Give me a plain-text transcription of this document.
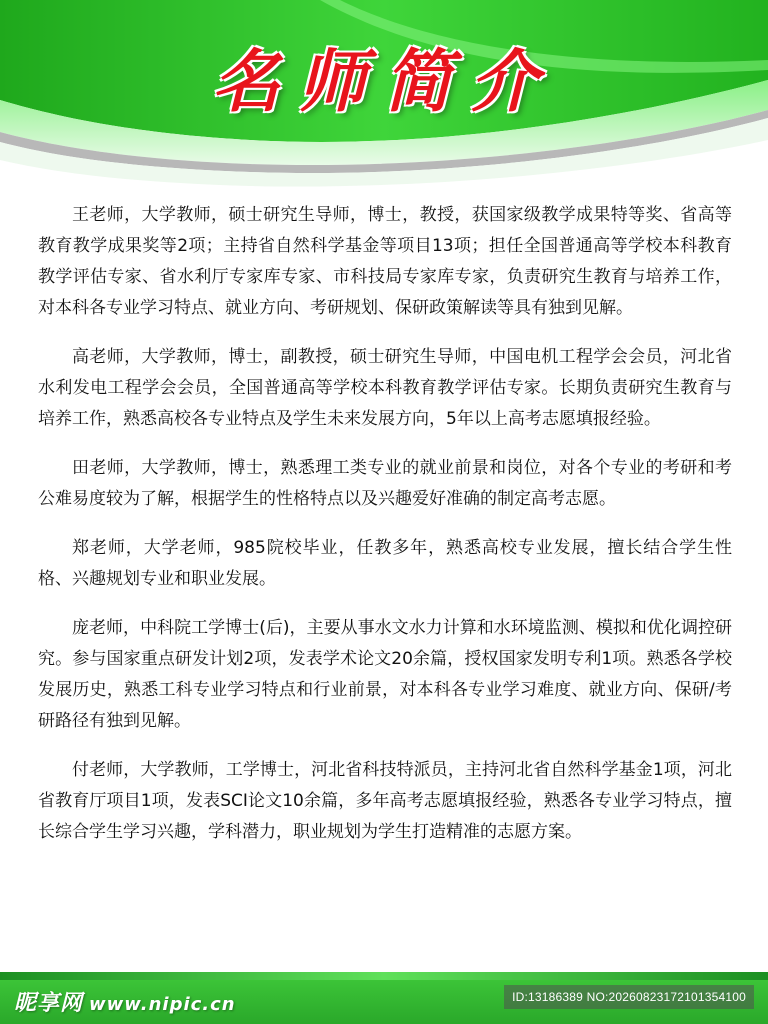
名师简介

王老师，大学教师，硕士研究生导师，博士，教授，获国家级教学成果特等奖、省高等教育教学成果奖等2项；主持省自然科学基金等项目13项；担任全国普通高等学校本科教育教学评估专家、省水利厅专家库专家、市科技局专家库专家，负责研究生教育与培养工作，对本科各专业学习特点、就业方向、考研规划、保研政策解读等具有独到见解。

高老师，大学教师，博士，副教授，硕士研究生导师，中国电机工程学会会员，河北省水利发电工程学会会员，全国普通高等学校本科教育教学评估专家。长期负责研究生教育与培养工作，熟悉高校各专业特点及学生未来发展方向，5年以上高考志愿填报经验。

田老师，大学教师，博士，熟悉理工类专业的就业前景和岗位，对各个专业的考研和考公难易度较为了解，根据学生的性格特点以及兴趣爱好准确的制定高考志愿。

郑老师，大学老师，985院校毕业，任教多年，熟悉高校专业发展，擅长结合学生性格、兴趣规划专业和职业发展。

庞老师，中科院工学博士(后)，主要从事水文水力计算和水环境监测、模拟和优化调控研究。参与国家重点研发计划2项，发表学术论文20余篇，授权国家发明专利1项。熟悉各学校发展历史，熟悉工科专业学习特点和行业前景，对本科各专业学习难度、就业方向、保研/考研路径有独到见解。

付老师，大学教师，工学博士，河北省科技特派员，主持河北省自然科学基金1项，河北省教育厅项目1项，发表SCI论文10余篇，多年高考志愿填报经验，熟悉各专业学习特点，擅长综合学生学习兴趣，学科潜力，职业规划为学生打造精准的志愿方案。

昵享网 www.nipic.cn	ID:13186389 NO:20260823172101354100
